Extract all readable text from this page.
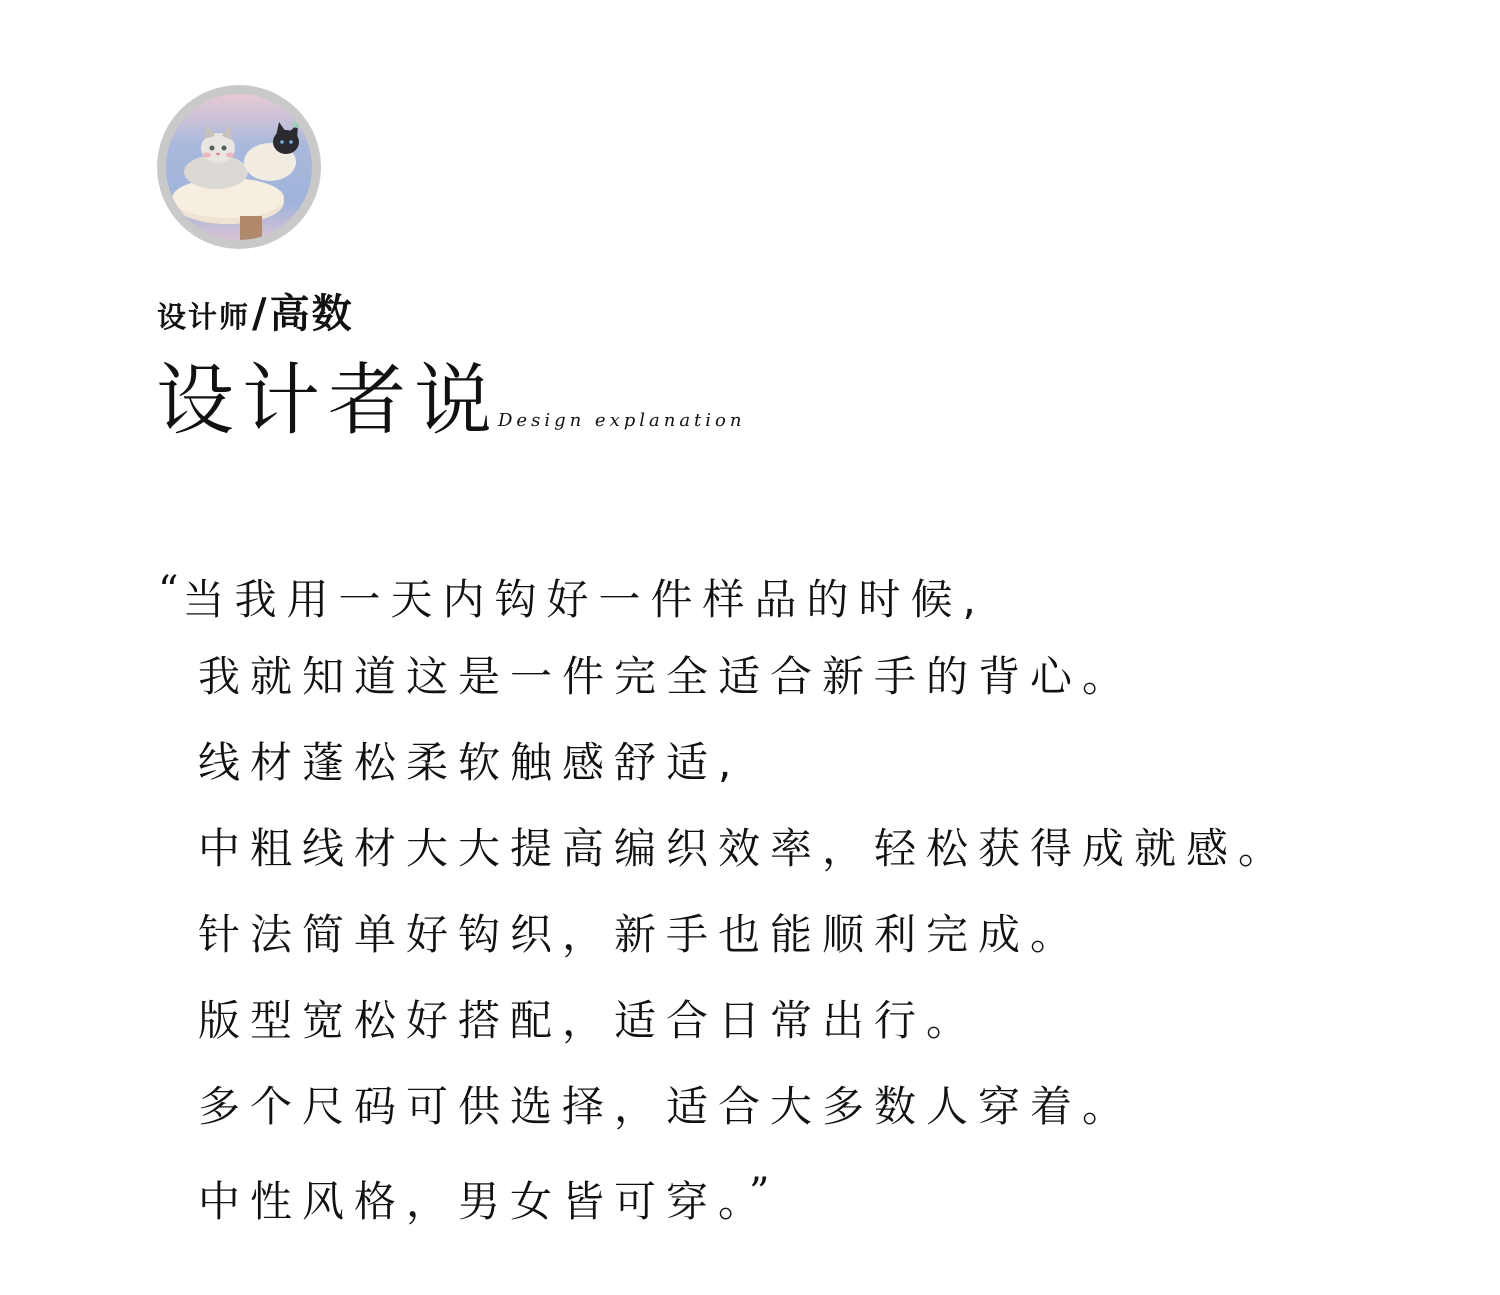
设计师/高数
设计者说
Design explanation
“当我用一天内钩好一件样品的时候,
我就知道这是一件完全适合新手的背心。
线材蓬松柔软触感舒适,
中粗线材大大提高编织效率，轻松获得成就感。
针法简单好钩织，新手也能顺利完成。
版型宽松好搭配，适合日常出行。
多个尺码可供选择，适合大多数人穿着。
中性风格，男女皆可穿。”
